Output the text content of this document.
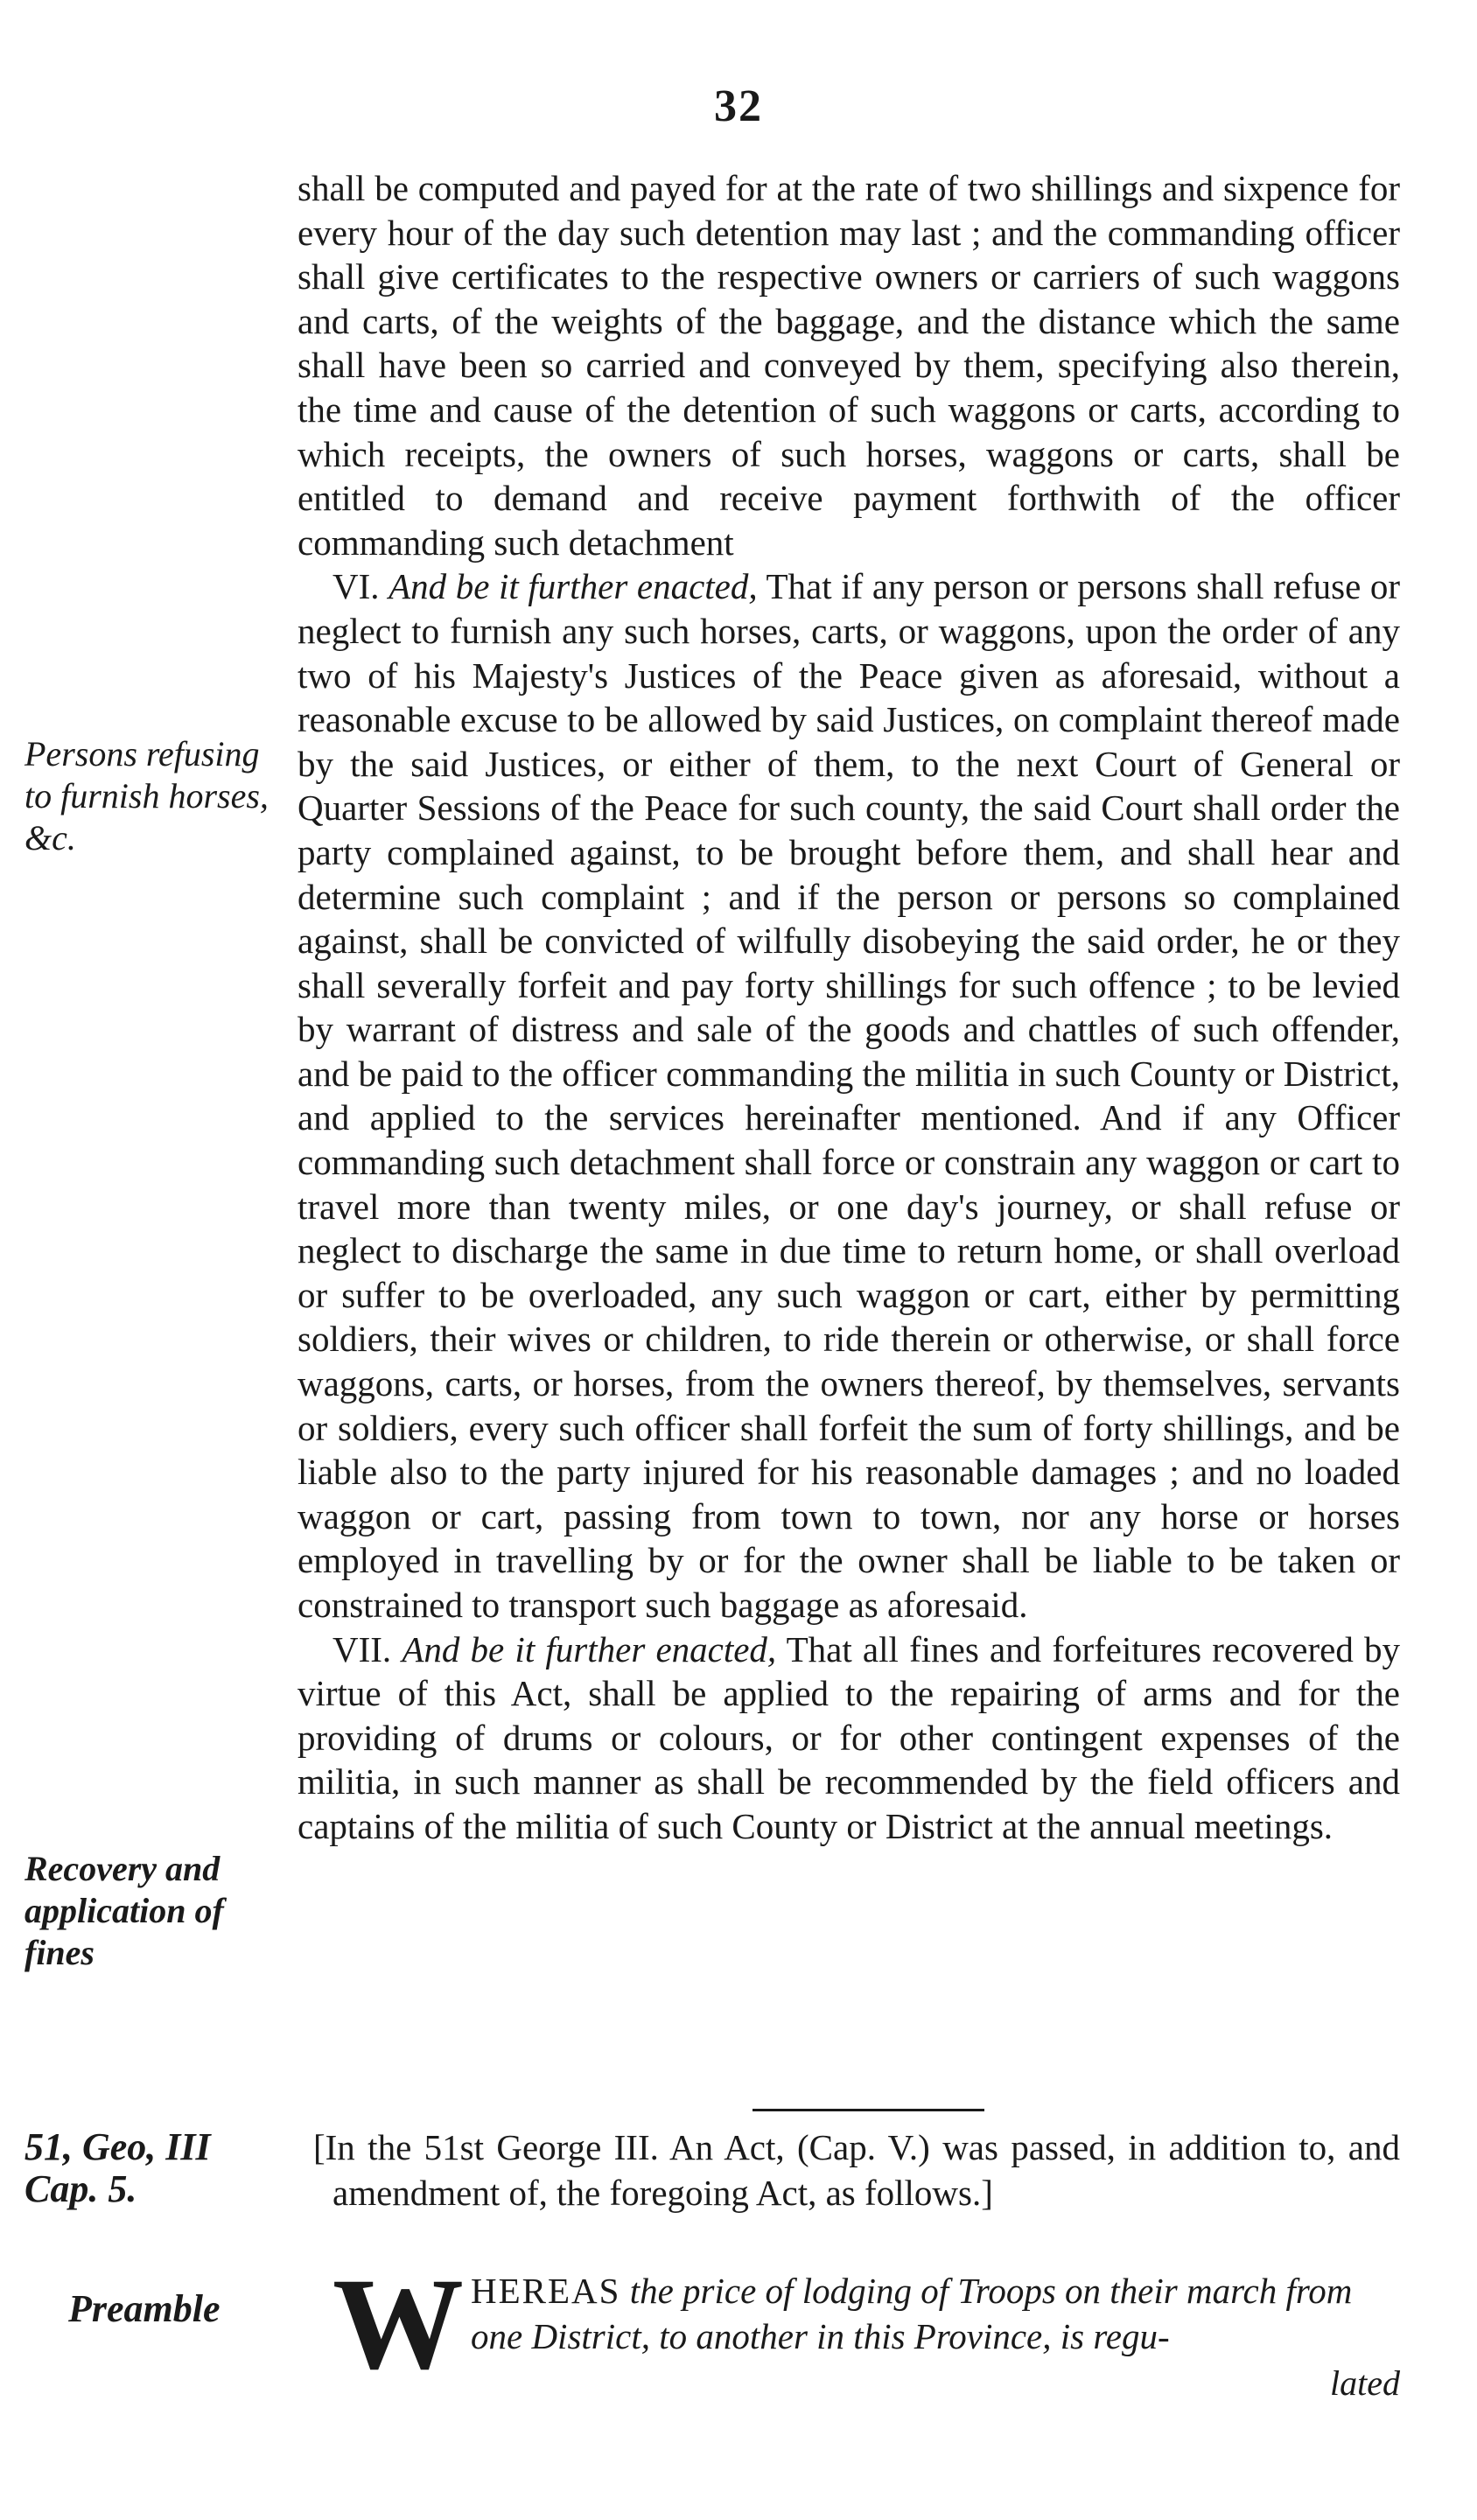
32

shall be computed and payed for at the rate of two shillings and sixpence for every hour of the day such detention may last ; and the commanding officer shall give certificates to the respective owners or carriers of such waggons and carts, of the weights of the baggage, and the distance which the same shall have been so carried and conveyed by them, specifying also therein, the time and cause of the detention of such waggons or carts, according to which receipts, the owners of such horses, waggons or carts, shall be entitled to demand and receive payment forthwith of the officer commanding such detachment

VI. And be it further enacted, That if any person or persons shall refuse or neglect to furnish any such horses, carts, or waggons, upon the order of any two of his Majesty's Justices of the Peace given as aforesaid, without a reasonable excuse to be allowed by said Justices, on complaint thereof made by the said Justices, or either of them, to the next Court of General or Quarter Sessions of the Peace for such county, the said Court shall order the party complained against, to be brought before them, and shall hear and determine such complaint ; and if the person or persons so complained against, shall be convicted of wilfully disobeying the said order, he or they shall severally forfeit and pay forty shillings for such offence ; to be levied by warrant of distress and sale of the goods and chattles of such offender, and be paid to the officer commanding the militia in such County or District, and applied to the services hereinafter mentioned. And if any Officer commanding such detachment shall force or constrain any waggon or cart to travel more than twenty miles, or one day's journey, or shall refuse or neglect to discharge the same in due time to return home, or shall overload or suffer to be overloaded, any such waggon or cart, either by permitting soldiers, their wives or children, to ride therein or otherwise, or shall force waggons, carts, or horses, from the owners thereof, by themselves, servants or soldiers, every such officer shall forfeit the sum of forty shillings, and be liable also to the party injured for his reasonable damages ; and no loaded waggon or cart, passing from town to town, nor any horse or horses employed in travelling by or for the owner shall be liable to be taken or constrained to transport such baggage as aforesaid.

VII. And be it further enacted, That all fines and forfeitures recovered by virtue of this Act, shall be applied to the repairing of arms and for the providing of drums or colours, or for other contingent expenses of the militia, in such manner as shall be recommended by the field officers and captains of the militia of such County or District at the annual meetings.

Persons refusing to furnish horses, &c.
Recovery and application of fines
51, Geo, III Cap. 5.
Preamble
[In the 51st George III. An Act, (Cap. V.) was passed, in addition to, and amendment of, the foregoing Act, as follows.]
W HEREAS the price of lodging of Troops on their march from one District, to another in this Province, is regu-
lated
